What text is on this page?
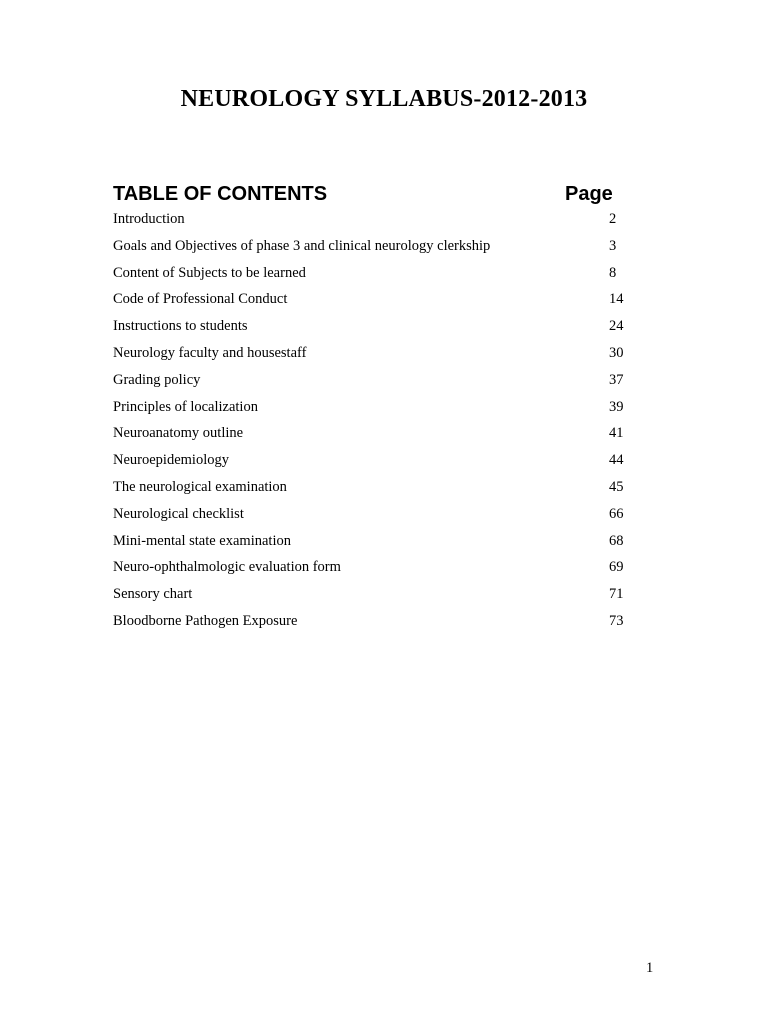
NEUROLOGY SYLLABUS-2012-2013
TABLE OF CONTENTS	Page
Introduction	2
Goals and Objectives of phase 3 and clinical neurology clerkship	3
Content of Subjects to be learned	8
Code of Professional Conduct	14
Instructions to students	24
Neurology faculty and housestaff	30
Grading policy	37
Principles of localization	39
Neuroanatomy outline	41
Neuroepidemiology	44
The neurological examination	45
Neurological checklist	66
Mini-mental state examination	68
Neuro-ophthalmologic evaluation form	69
Sensory chart	71
Bloodborne Pathogen Exposure	73
1
